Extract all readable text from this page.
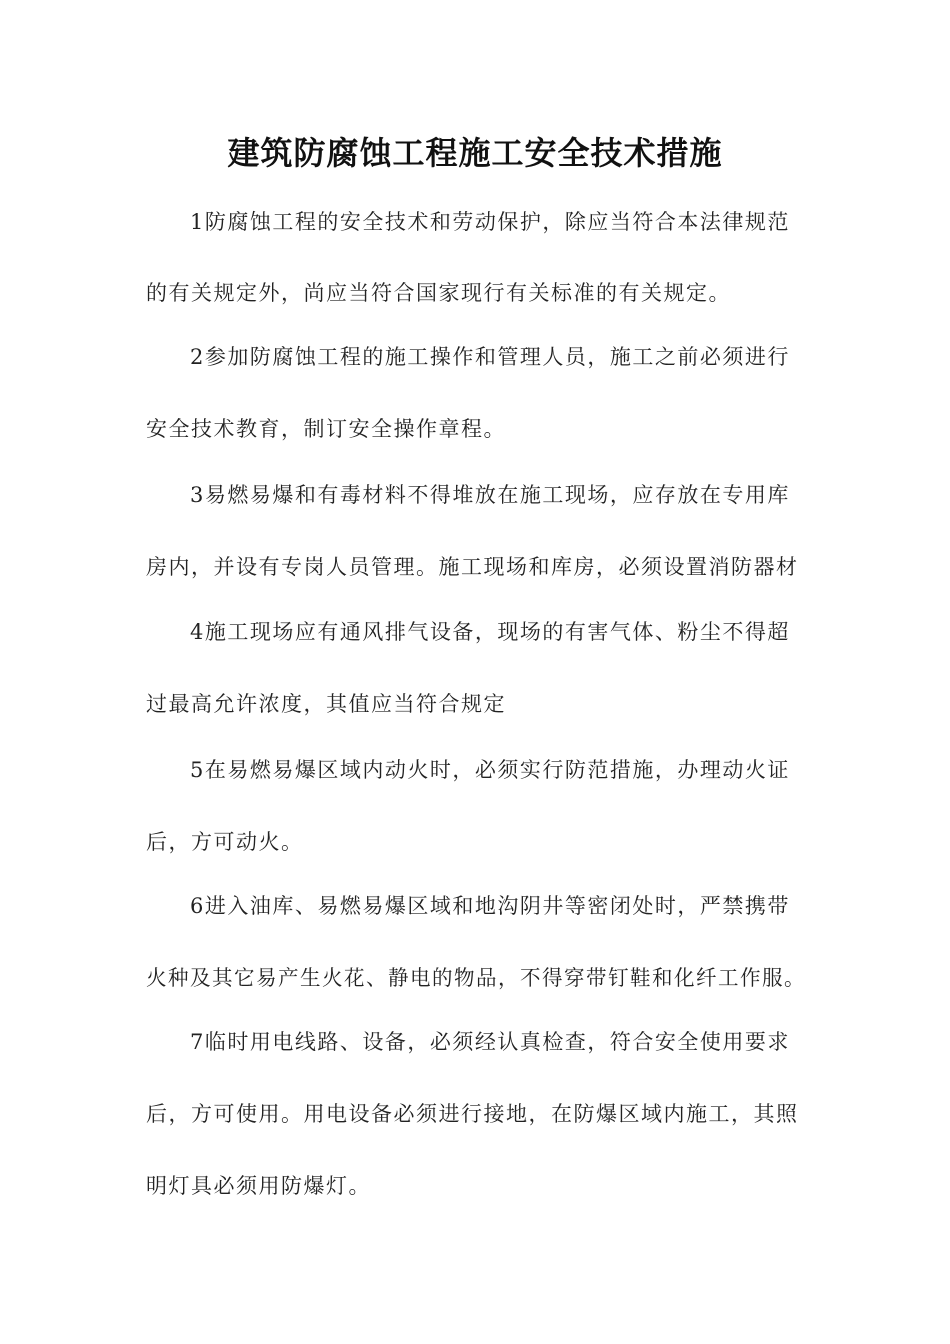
建筑防腐蚀工程施工安全技术措施
1防腐蚀工程的安全技术和劳动保护，除应当符合本法律规范
的有关规定外，尚应当符合国家现行有关标准的有关规定。
2参加防腐蚀工程的施工操作和管理人员，施工之前必须进行
安全技术教育，制订安全操作章程。
3易燃易爆和有毒材料不得堆放在施工现场，应存放在专用库
房内，并设有专岗人员管理。施工现场和库房，必须设置消防器材
4施工现场应有通风排气设备，现场的有害气体、粉尘不得超
过最高允许浓度，其值应当符合规定
5在易燃易爆区域内动火时，必须实行防范措施，办理动火证
后，方可动火。
6进入油库、易燃易爆区域和地沟阴井等密闭处时，严禁携带
火种及其它易产生火花、静电的物品，不得穿带钉鞋和化纤工作服。
7临时用电线路、设备，必须经认真检查，符合安全使用要求
后，方可使用。用电设备必须进行接地，在防爆区域内施工，其照
明灯具必须用防爆灯。
